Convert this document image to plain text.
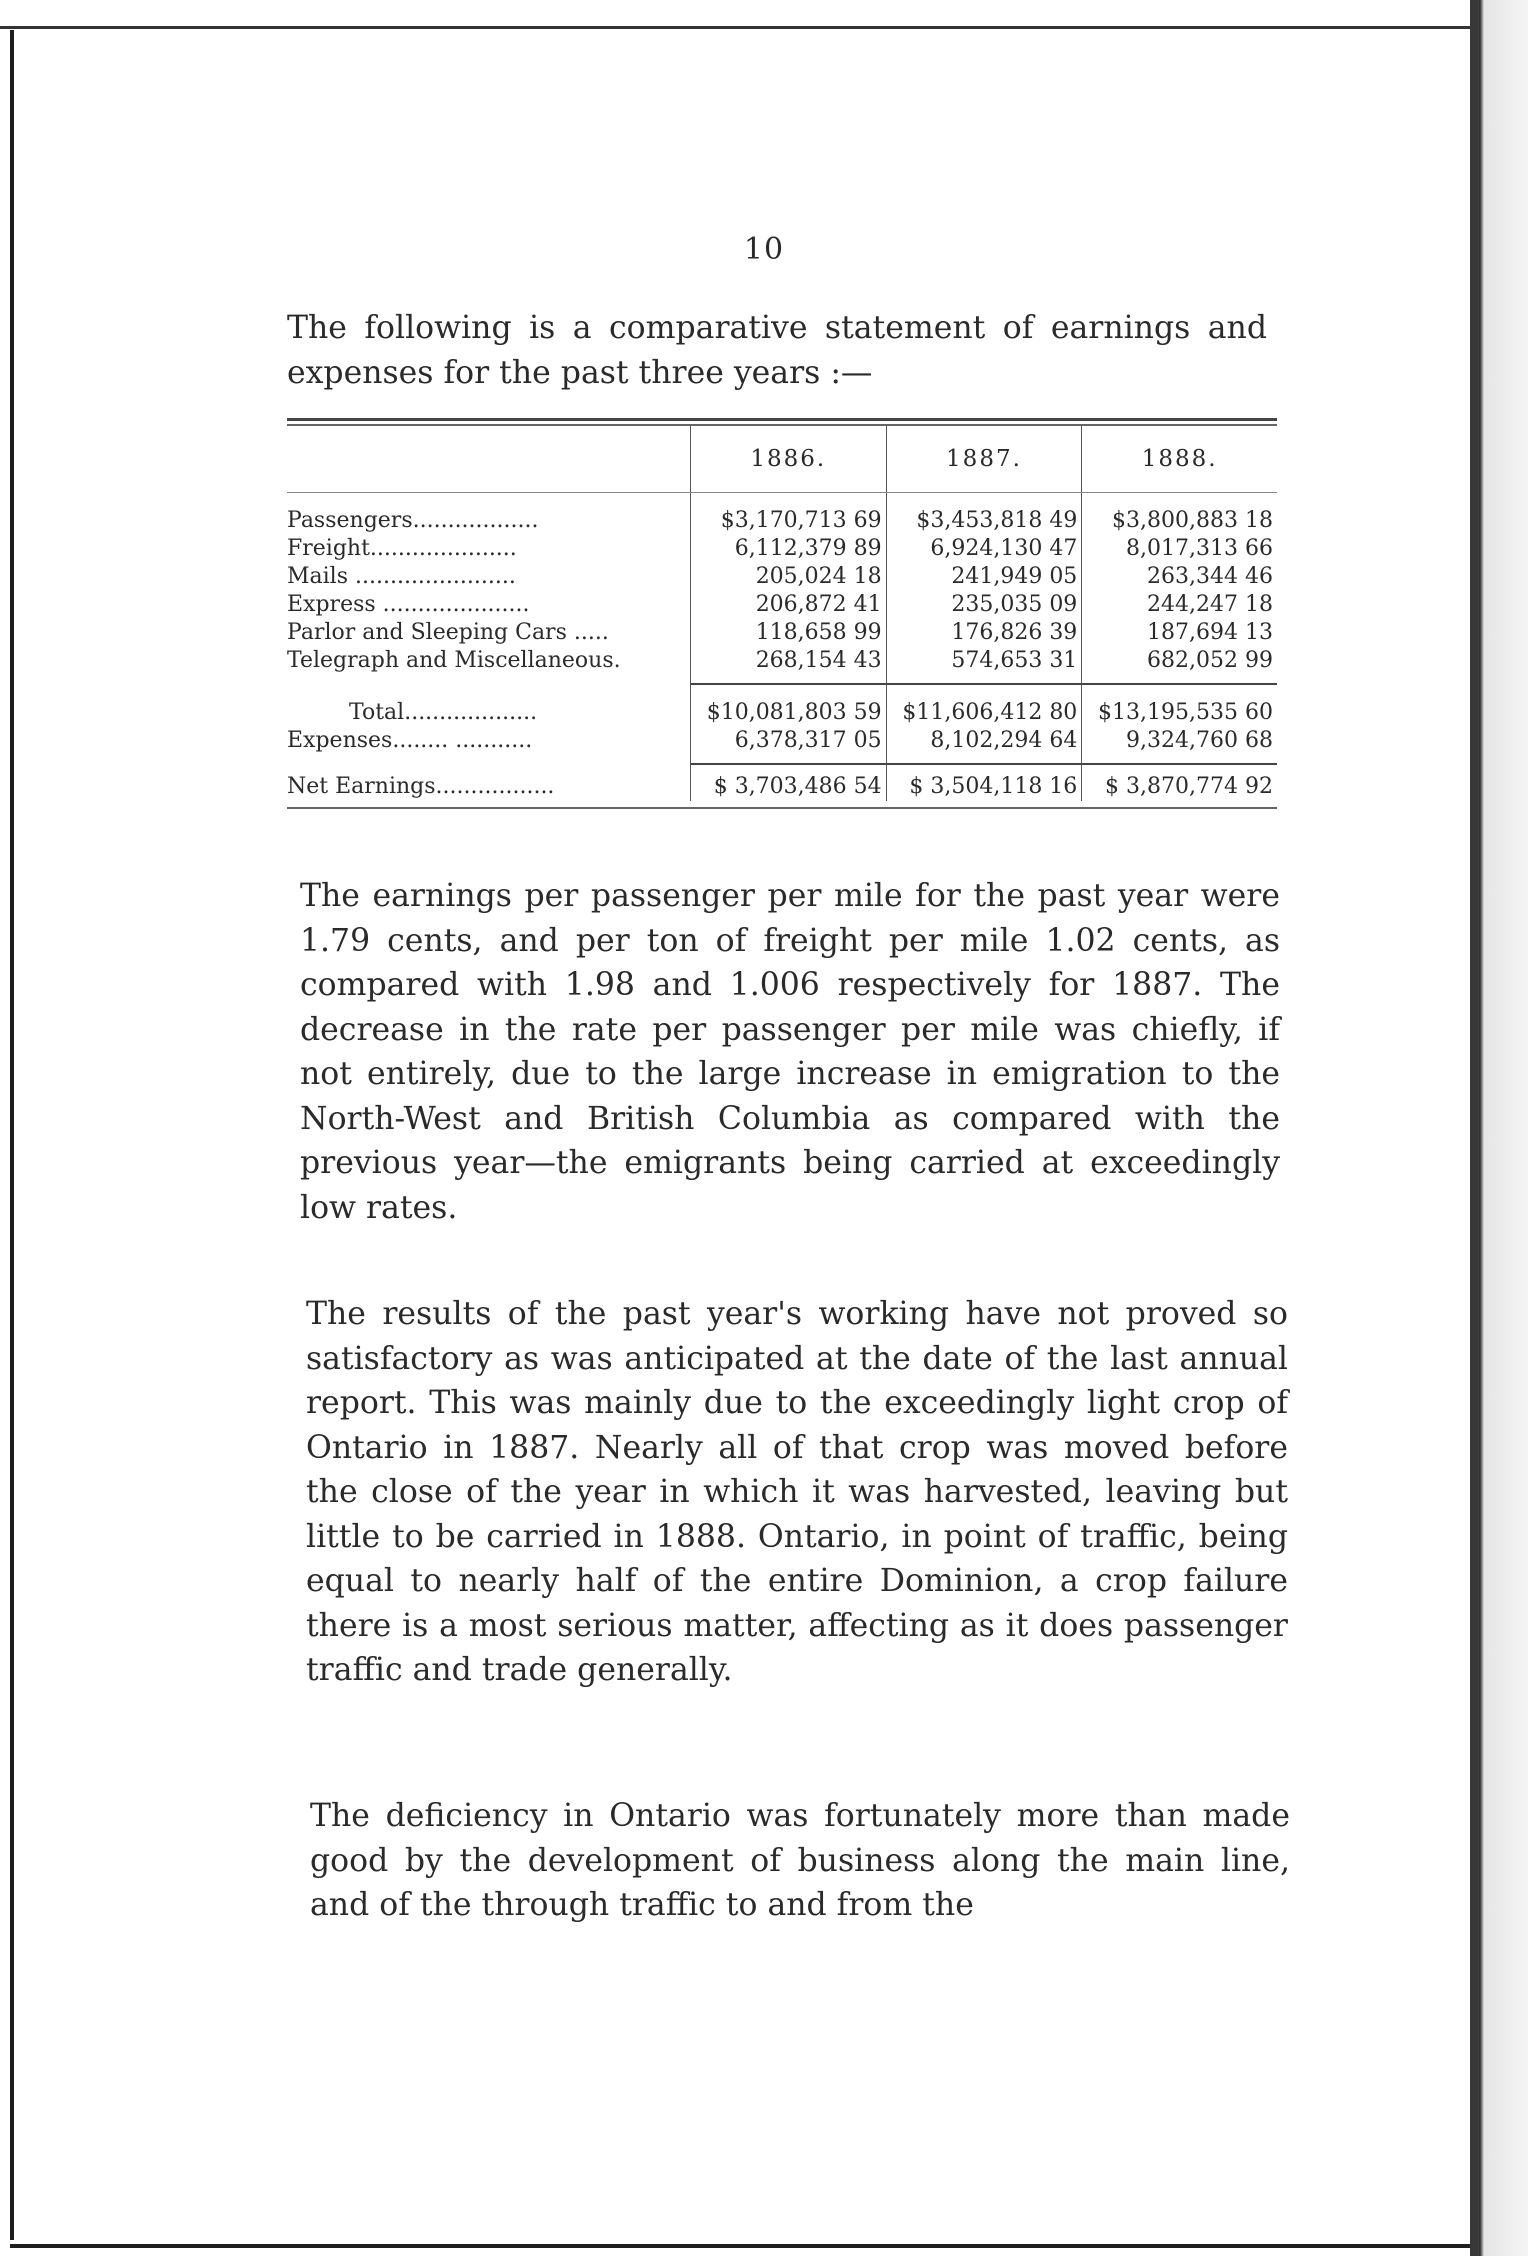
10

The following is a comparative statement of earnings and expenses for the past three years :—

	1886.	1887.	1888.

Passengers..................	$3,170,713 69	$3,453,818 49	$3,800,883 18
Freight.....................	6,112,379 89	6,924,130 47	8,017,313 66
Mails .......................	205,024 18	241,949 05	263,344 46
Express .....................	206,872 41	235,035 09	244,247 18
Parlor and Sleeping Cars .....	118,658 99	176,826 39	187,694 13
Telegraph and Miscellaneous.	268,154 43	574,653 31	682,052 99

Total...................	$10,081,803 59	$11,606,412 80	$13,195,535 60
Expenses........ ...........	6,378,317 05	8,102,294 64	9,324,760 68

Net Earnings.................	$ 3,703,486 54	$ 3,504,118 16	$ 3,870,774 92

The earnings per passenger per mile for the past year were 1.79 cents, and per ton of freight per mile 1.02 cents, as compared with 1.98 and 1.006 respectively for 1887. The decrease in the rate per passenger per mile was chiefly, if not entirely, due to the large increase in emigration to the North-West and British Columbia as compared with the previous year—the emigrants being carried at exceedingly low rates.

The results of the past year's working have not proved so satisfactory as was anticipated at the date of the last annual report. This was mainly due to the exceedingly light crop of Ontario in 1887. Nearly all of that crop was moved before the close of the year in which it was harvested, leaving but little to be carried in 1888. Ontario, in point of traffic, being equal to nearly half of the entire Dominion, a crop failure there is a most serious matter, affecting as it does passenger traffic and trade generally.

The deficiency in Ontario was fortunately more than made good by the development of business along the main line, and of the through traffic to and from the
